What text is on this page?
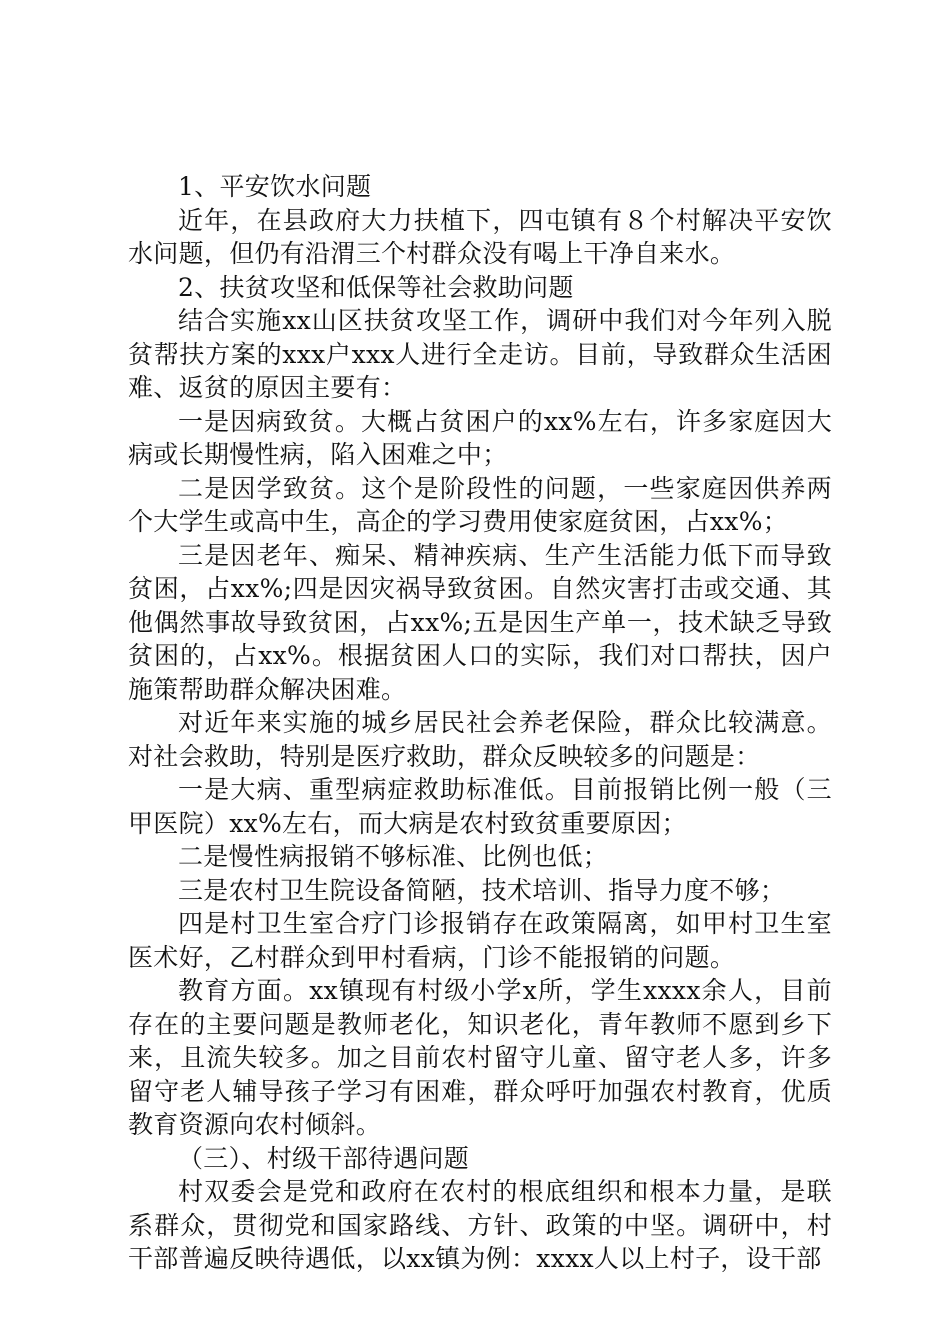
1、平安饮水问题

近年，在县政府大力扶植下，四屯镇有８个村解决平安饮水问题，但仍有沿渭三个村群众没有喝上干净自来水。

2、扶贫攻坚和低保等社会救助问题

结合实施xx山区扶贫攻坚工作，调研中我们对今年列入脱贫帮扶方案的xxx户xxx人进行全走访。目前，导致群众生活困难、返贫的原因主要有：

一是因病致贫。大概占贫困户的xx%左右，许多家庭因大病或长期慢性病，陷入困难之中；

二是因学致贫。这个是阶段性的问题，一些家庭因供养两个大学生或高中生，高企的学习费用使家庭贫困，占xx%；

三是因老年、痴呆、精神疾病、生产生活能力低下而导致贫困，占xx%;四是因灾祸导致贫困。自然灾害打击或交通、其他偶然事故导致贫困，占xx%;五是因生产单一，技术缺乏导致贫困的，占xx%。根据贫困人口的实际，我们对口帮扶，因户施策帮助群众解决困难。

对近年来实施的城乡居民社会养老保险，群众比较满意。对社会救助，特别是医疗救助，群众反映较多的问题是：

一是大病、重型病症救助标准低。目前报销比例一般（三甲医院）xx%左右，而大病是农村致贫重要原因；

二是慢性病报销不够标准、比例也低；

三是农村卫生院设备简陋，技术培训、指导力度不够；

四是村卫生室合疗门诊报销存在政策隔离，如甲村卫生室医术好，乙村群众到甲村看病，门诊不能报销的问题。

教育方面。xx镇现有村级小学x所，学生xxxx余人，目前存在的主要问题是教师老化，知识老化，青年教师不愿到乡下来，且流失较多。加之目前农村留守儿童、留守老人多，许多留守老人辅导孩子学习有困难，群众呼吁加强农村教育，优质教育资源向农村倾斜。

（三）、村级干部待遇问题

村双委会是党和政府在农村的根底组织和根本力量，是联系群众，贯彻党和国家路线、方针、政策的中坚。调研中，村干部普遍反映待遇低，以xx镇为例：xxxx人以上村子，设干部
